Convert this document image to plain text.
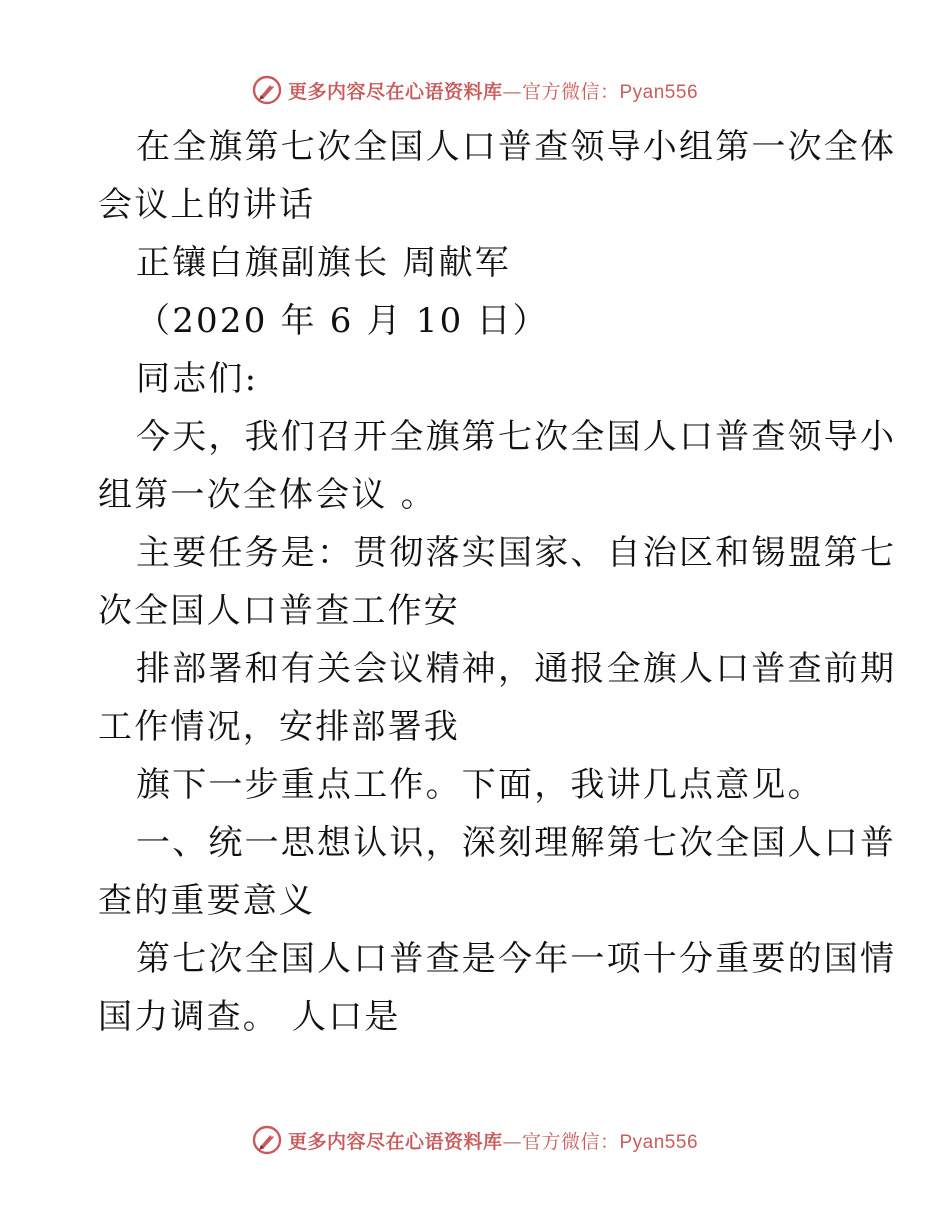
更多内容尽在心语资料库—官方微信：Pyan556
在全旗第七次全国人口普查领导小组第一次全体
会议上的讲话
正镶白旗副旗长 周献军
（2020 年 6 月 10 日）
同志们:
今天，我们召开全旗第七次全国人口普查领导小
组第一次全体会议 。
主要任务是：贯彻落实国家、自治区和锡盟第七
次全国人口普查工作安
排部署和有关会议精神，通报全旗人口普查前期
工作情况，安排部署我
旗下一步重点工作。下面，我讲几点意见。
一、统一思想认识，深刻理解第七次全国人口普
查的重要意义
第七次全国人口普查是今年一项十分重要的国情
国力调查。 人口是
更多内容尽在心语资料库—官方微信：Pyan556
